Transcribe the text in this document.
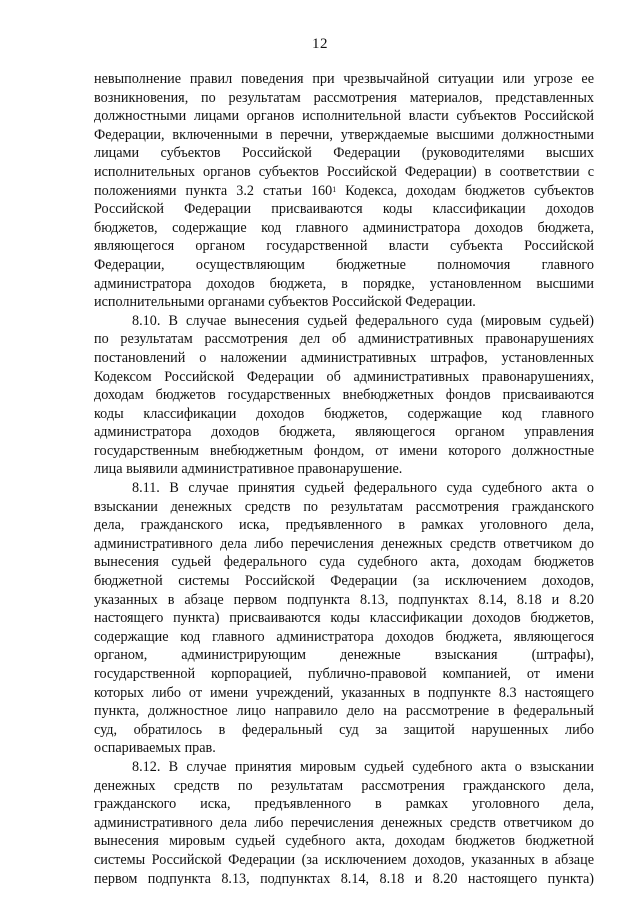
12
невыполнение правил поведения при чрезвычайной ситуации или угрозе ее
возникновения, по результатам рассмотрения материалов, представленных
должностными лицами органов исполнительной власти субъектов Российской
Федерации, включенными в перечни, утверждаемые высшими должностными
лицами субъектов Российской Федерации (руководителями высших
исполнительных органов субъектов Российской Федерации) в соответствии с
положениями пункта 3.2 статьи $160^1$ Кодекса, доходам бюджетов субъектов
Российской Федерации присваиваются коды классификации доходов
бюджетов, содержащие код главного администратора доходов бюджета,
являющегося органом государственной власти субъекта Российской
Федерации, осуществляющим бюджетные полномочия главного
администратора доходов бюджета, в порядке, установленном высшими
исполнительными органами субъектов Российской Федерации.
8.10. В случае вынесения судьей федерального суда (мировым судьей)
по результатам рассмотрения дел об административных правонарушениях
постановлений о наложении административных штрафов, установленных
Кодексом Российской Федерации об административных правонарушениях,
доходам бюджетов государственных внебюджетных фондов присваиваются
коды классификации доходов бюджетов, содержащие код главного
администратора доходов бюджета, являющегося органом управления
государственным внебюджетным фондом, от имени которого должностные
лица выявили административное правонарушение.
8.11. В случае принятия судьей федерального суда судебного акта о
взыскании денежных средств по результатам рассмотрения гражданского
дела, гражданского иска, предъявленного в рамках уголовного дела,
административного дела либо перечисления денежных средств ответчиком до
вынесения судьей федерального суда судебного акта, доходам бюджетов
бюджетной системы Российской Федерации (за исключением доходов,
указанных в абзаце первом подпункта 8.13, подпунктах 8.14, 8.18 и 8.20
настоящего пункта) присваиваются коды классификации доходов бюджетов,
содержащие код главного администратора доходов бюджета, являющегося
органом, администрирующим денежные взыскания (штрафы),
государственной корпорацией, публично-правовой компанией, от имени
которых либо от имени учреждений, указанных в подпункте 8.3 настоящего
пункта, должностное лицо направило дело на рассмотрение в федеральный
суд, обратилось в федеральный суд за защитой нарушенных либо
оспариваемых прав.
8.12. В случае принятия мировым судьей судебного акта о взыскании
денежных средств по результатам рассмотрения гражданского дела,
гражданского иска, предъявленного в рамках уголовного дела,
административного дела либо перечисления денежных средств ответчиком до
вынесения мировым судьей судебного акта, доходам бюджетов бюджетной
системы Российской Федерации (за исключением доходов, указанных в абзаце
первом подпункта 8.13, подпунктах 8.14, 8.18 и 8.20 настоящего пункта)
